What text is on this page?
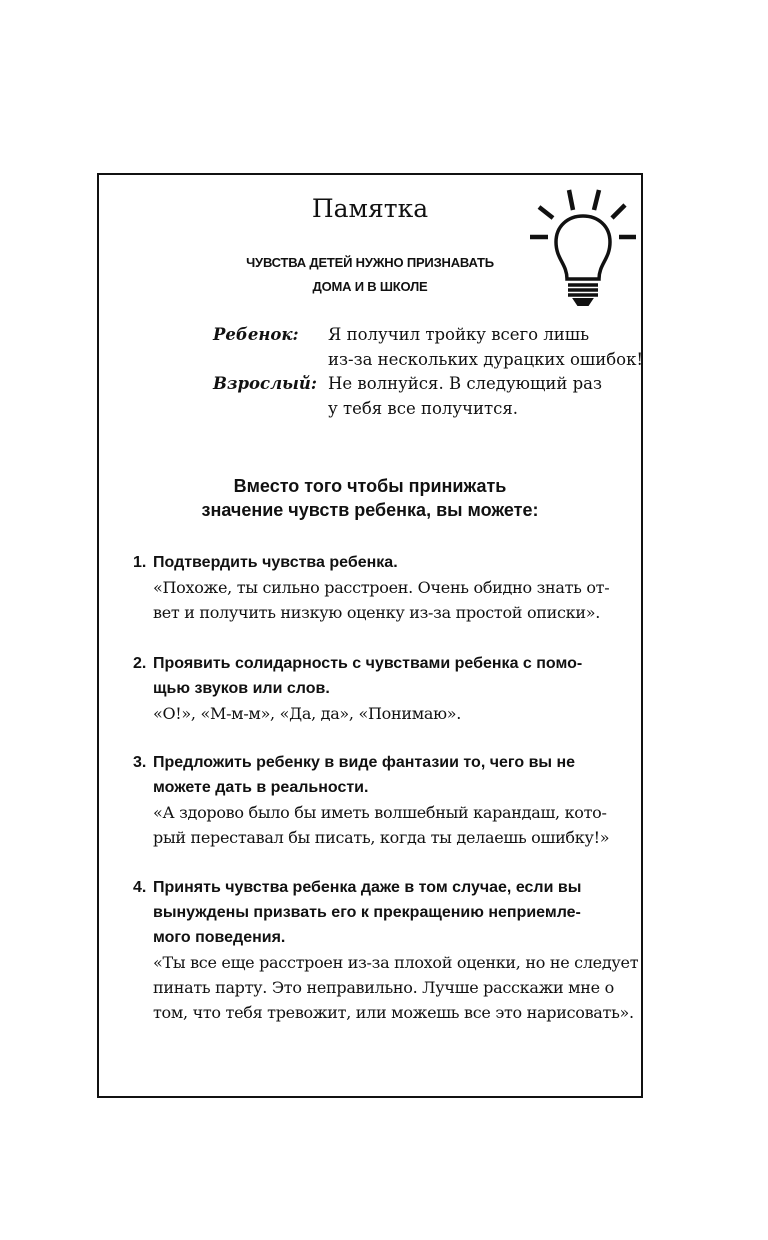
Памятка
ЧУВСТВА ДЕТЕЙ НУЖНО ПРИЗНАВАТЬ
ДОМА И В ШКОЛЕ
Ребенок: Я получил тройку всего лишь
из-за нескольких дурацких ошибок!
Взрослый: Не волнуйся. В следующий раз
у тебя все получится.
Вместо того чтобы принижать
значение чувств ребенка, вы можете:
1. Подтвердить чувства ребенка.
«Похоже, ты сильно расстроен. Очень обидно знать от-
вет и получить низкую оценку из-за простой описки».
2. Проявить солидарность с чувствами ребенка с помо-
щью звуков или слов.
«О!», «М-м-м», «Да, да», «Понимаю».
3. Предложить ребенку в виде фантазии то, чего вы не
можете дать в реальности.
«А здорово было бы иметь волшебный карандаш, кото-
рый переставал бы писать, когда ты делаешь ошибку!»
4. Принять чувства ребенка даже в том случае, если вы
вынуждены призвать его к прекращению неприемле-
мого поведения.
«Ты все еще расстроен из-за плохой оценки, но не следует
пинать парту. Это неправильно. Лучше расскажи мне о
том, что тебя тревожит, или можешь все это нарисовать».
